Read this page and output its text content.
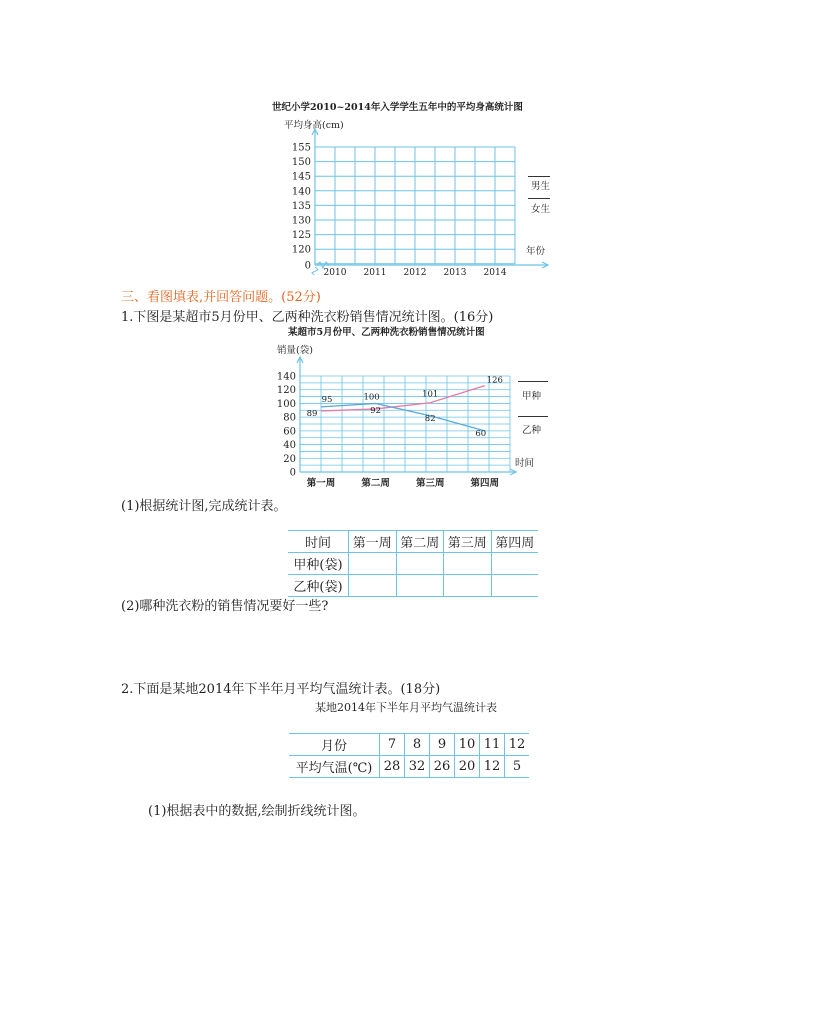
世纪小学2010~2014年入学学生五年中的平均身高统计图
平均身高(cm)
155
150
145
140
135
130
125
120
0
2010 2011 2012 2013 2014
年份
男生
女生
三、看图填表,并回答问题。(52分)
1.下图是某超市5月份甲、乙两种洗衣粉销售情况统计图。(16分)
某超市5月份甲、乙两种洗衣粉销售情况统计图
销量(袋)
140
120
100
80
60
40
20
0
第一周	第二周	第三周	第四周
89	92
101
126
95	100
82
60
时间
甲种
乙种
(1)根据统计图,完成统计表。
时间	第一周	第二周	第三周	第四周
甲种(袋)				
乙种(袋)				
(2)哪种洗衣粉的销售情况要好一些?
2.下面是某地2014年下半年月平均气温统计表。(18分)
某地2014年下半年月平均气温统计表
月份	7	8	9	10	11	12
平均气温(℃)	28	32	26	20	12	5
(1)根据表中的数据,绘制折线统计图。
